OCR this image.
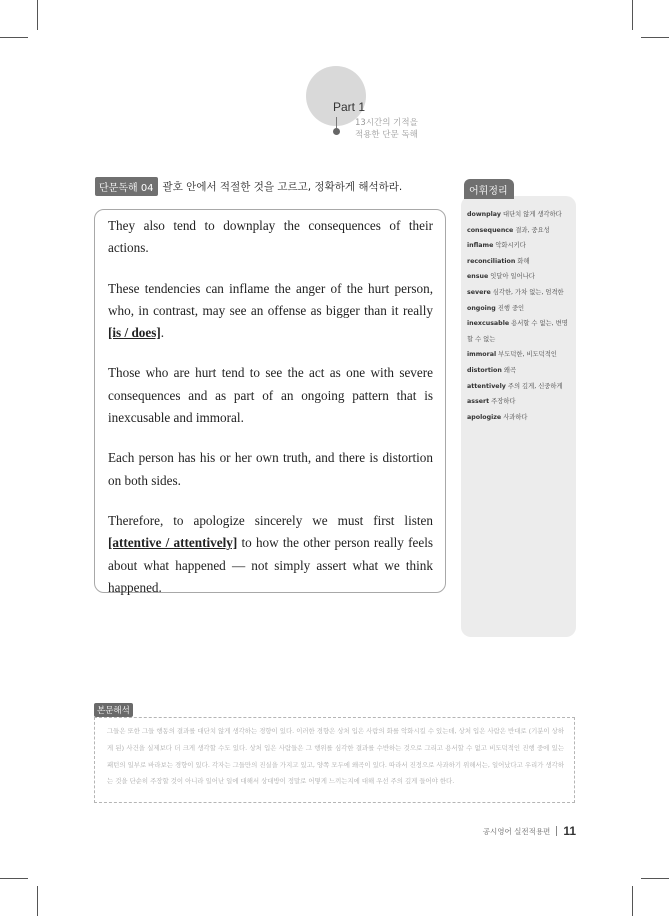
Part 1
13시간의 기적을
적용한 단문 독해
단문독해 04 괄호 안에서 적절한 것을 고르고, 정확하게 해석하라.

They also tend to downplay the consequences of their actions.

These tendencies can inflame the anger of the hurt person, who, in contrast, may see an offense as bigger than it really [is / does].

Those who are hurt tend to see the act as one with severe consequences and as part of an ongoing pattern that is inexcusable and immoral.

Each person has his or her own truth, and there is distortion on both sides.

Therefore, to apologize sincerely we must first listen [attentive / attentively] to how the other person really feels about what happened — not simply assert what we think happened.

어휘정리
downplay 대단치 않게 생각하다
consequence 결과, 중요성
inflame 악화시키다
reconciliation 화해
ensue 잇달아 일어나다
severe 심각한, 가차 없는, 엄격한
ongoing 진행 중인
inexcusable 용서할 수 없는, 변명할 수 없는
immoral 부도덕한, 비도덕적인
distortion 왜곡
attentively 주의 깊게, 신중하게
assert 주장하다
apologize 사과하다
본문해석
그들은 또한 그들 행동의 결과를 대단치 않게 생각하는 경향이 있다. 이러한 경향은 상처 입은 사람의 화를 악화시킬 수 있는데, 상처 입은 사람은 반대로 (기분이 상하게 된) 사건을 실제보다 더 크게 생각할 수도 있다. 상처 입은 사람들은 그 행위를 심각한 결과를 수반하는 것으로 그리고 용서할 수 없고 비도덕적인 진행 중에 있는 패턴의 일부로 바라보는 경향이 있다. 각자는 그들만의 진실을 가지고 있고, 양쪽 모두에 왜곡이 있다. 따라서 진정으로 사과하기 위해서는, 일어났다고 우리가 생각하는 것을 단순히 주장할 것이 아니라 일어난 일에 대해서 상대방이 정말로 어떻게 느끼는지에 대해 우선 주의 깊게 들어야 한다.
공시영어 실전적용편 11
